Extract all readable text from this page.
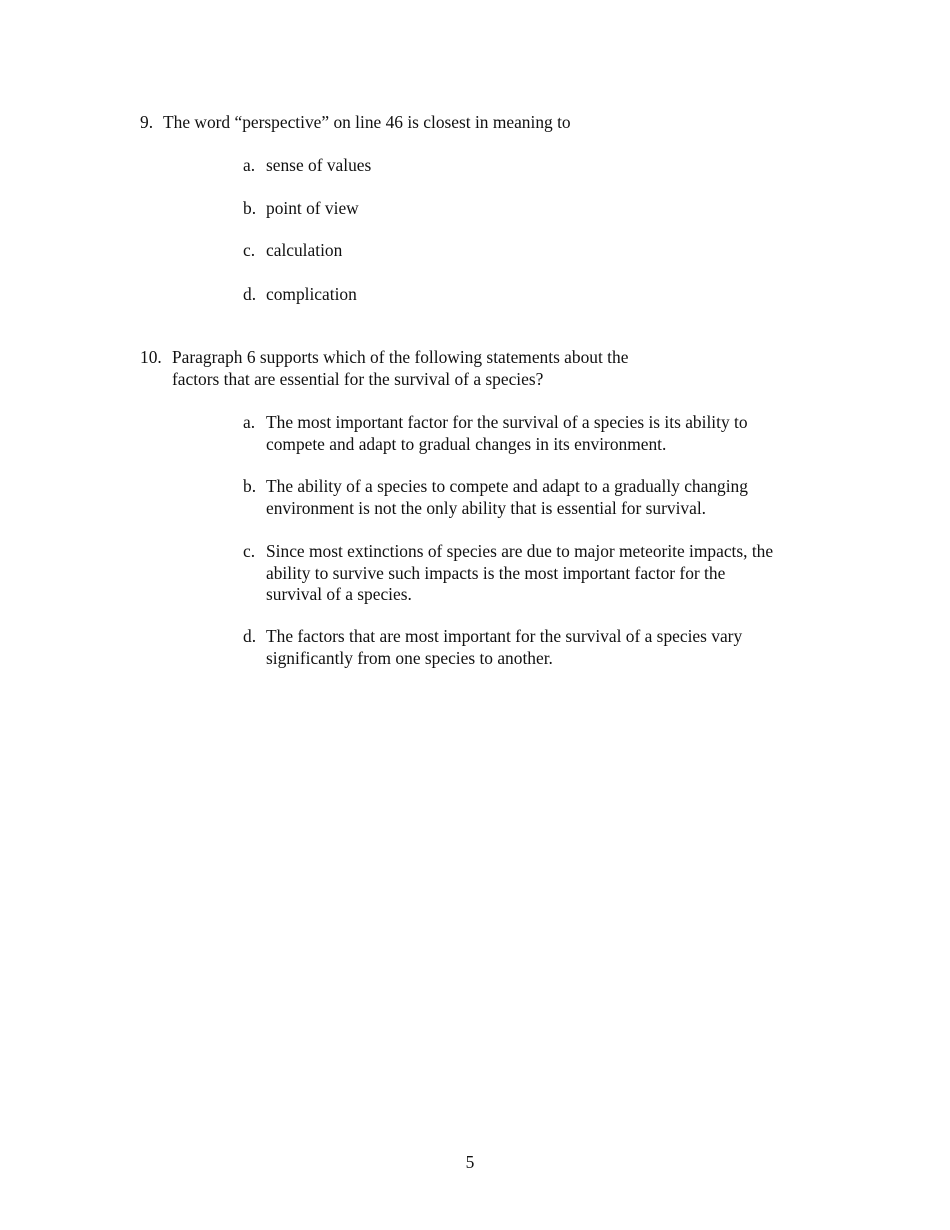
9. The word “perspective” on line 46 is closest in meaning to
a. sense of values
b. point of view
c. calculation
d. complication
10. Paragraph 6 supports which of the following statements about the
factors that are essential for the survival of a species?
a. The most important factor for the survival of a species is its ability to
compete and adapt to gradual changes in its environment.
b. The ability of a species to compete and adapt to a gradually changing
environment is not the only ability that is essential for survival.
c. Since most extinctions of species are due to major meteorite impacts, the
ability to survive such impacts is the most important factor for the
survival of a species.
d. The factors that are most important for the survival of a species vary
significantly from one species to another.
5
